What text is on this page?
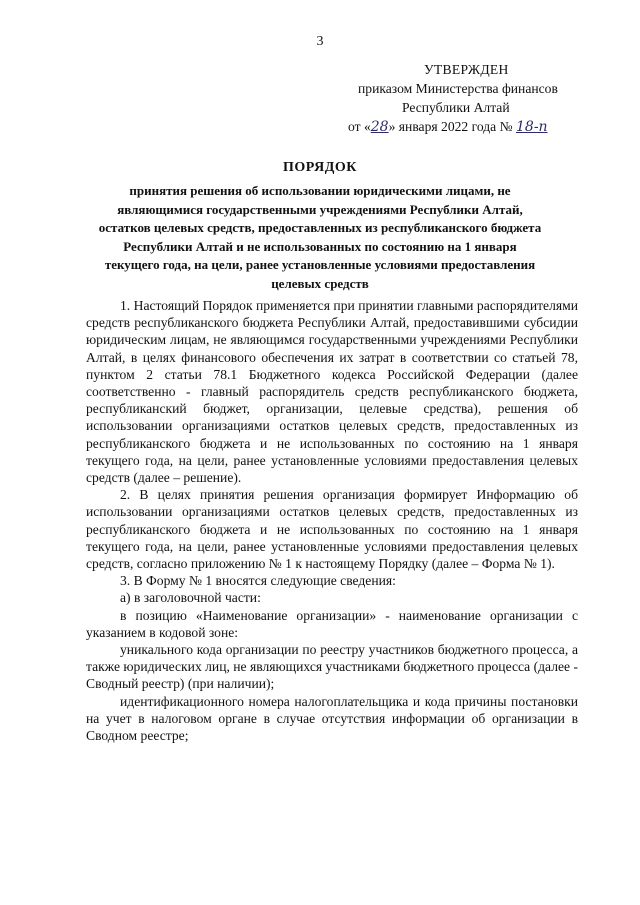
3
УТВЕРЖДЕН
приказом Министерства финансов
Республики Алтай
от «28» января 2022 года № 18-п
ПОРЯДОК
принятия решения об использовании юридическими лицами, не являющимися государственными учреждениями Республики Алтай, остатков целевых средств, предоставленных из республиканского бюджета Республики Алтай и не использованных по состоянию на 1 января текущего года, на цели, ранее установленные условиями предоставления целевых средств

1. Настоящий Порядок применяется при принятии главными распорядителями средств республиканского бюджета Республики Алтай, предоставившими субсидии юридическим лицам, не являющимся государственными учреждениями Республики Алтай, в целях финансового обеспечения их затрат в соответствии со статьей 78, пунктом 2 статьи 78.1 Бюджетного кодекса Российской Федерации (далее соответственно - главный распорядитель средств республиканского бюджета, республиканский бюджет, организации, целевые средства), решения об использовании организациями остатков целевых средств, предоставленных из республиканского бюджета и не использованных по состоянию на 1 января текущего года, на цели, ранее установленные условиями предоставления целевых средств (далее – решение).

2. В целях принятия решения организация формирует Информацию об использовании организациями остатков целевых средств, предоставленных из республиканского бюджета и не использованных по состоянию на 1 января текущего года, на цели, ранее установленные условиями предоставления целевых средств, согласно приложению № 1 к настоящему Порядку (далее – Форма № 1).

3. В Форму № 1 вносятся следующие сведения:

а) в заголовочной части:

в позицию «Наименование организации» - наименование организации с указанием в кодовой зоне:

уникального кода организации по реестру участников бюджетного процесса, а также юридических лиц, не являющихся участниками бюджетного процесса (далее - Сводный реестр) (при наличии);

идентификационного номера налогоплательщика и кода причины постановки на учет в налоговом органе в случае отсутствия информации об организации в Сводном реестре;
